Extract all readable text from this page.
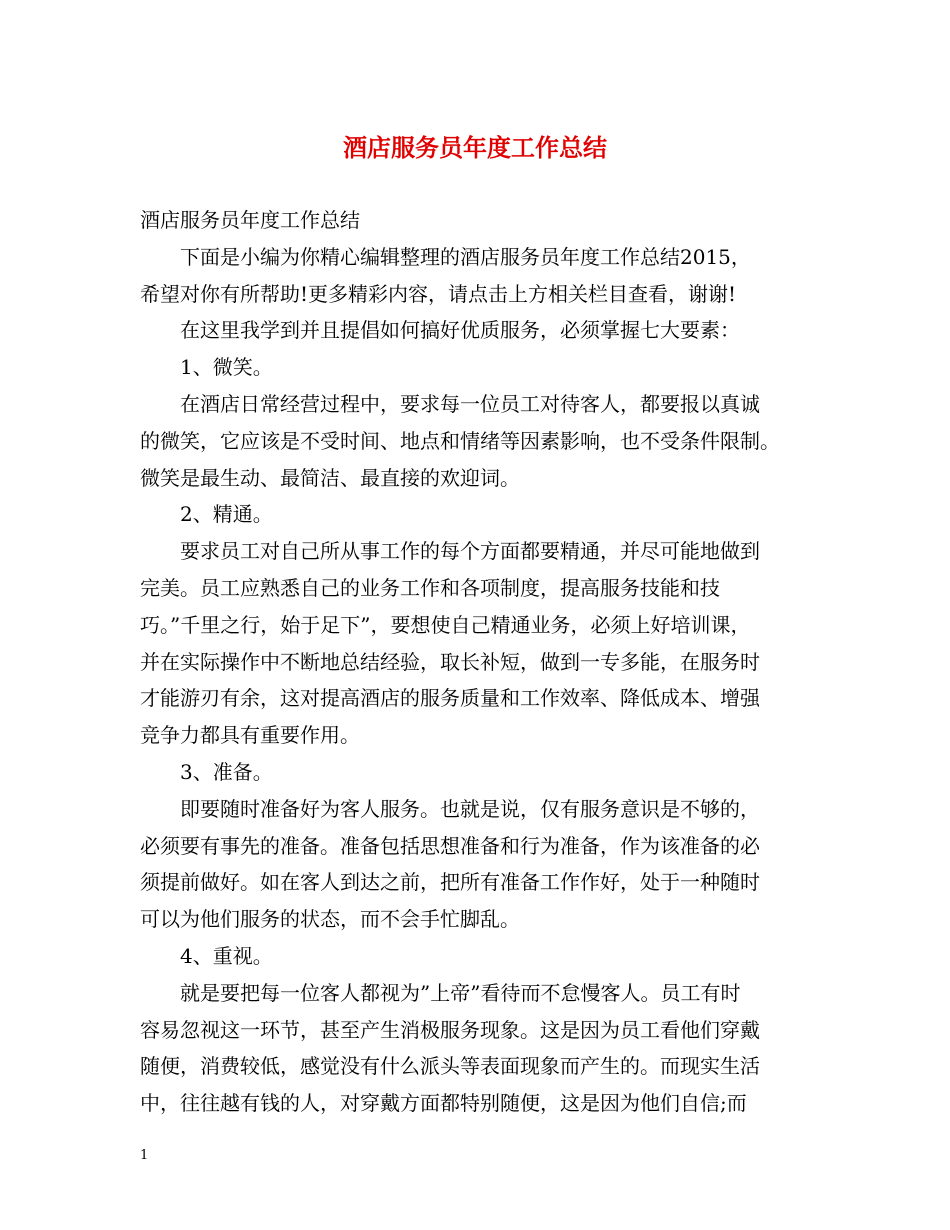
酒店服务员年度工作总结
酒店服务员年度工作总结
下面是小编为你精心编辑整理的酒店服务员年度工作总结2015，
希望对你有所帮助!更多精彩内容，请点击上方相关栏目查看，谢谢!
在这里我学到并且提倡如何搞好优质服务，必须掌握七大要素：
1、微笑。
在酒店日常经营过程中，要求每一位员工对待客人，都要报以真诚
的微笑，它应该是不受时间、地点和情绪等因素影响，也不受条件限制。
微笑是最生动、最简洁、最直接的欢迎词。
2、精通。
要求员工对自己所从事工作的每个方面都要精通，并尽可能地做到
完美。员工应熟悉自己的业务工作和各项制度，提高服务技能和技
巧。”千里之行，始于足下”，要想使自己精通业务，必须上好培训课，
并在实际操作中不断地总结经验，取长补短，做到一专多能，在服务时
才能游刃有余，这对提高酒店的服务质量和工作效率、降低成本、增强
竞争力都具有重要作用。
3、准备。
即要随时准备好为客人服务。也就是说，仅有服务意识是不够的，
必须要有事先的准备。准备包括思想准备和行为准备，作为该准备的必
须提前做好。如在客人到达之前，把所有准备工作作好，处于一种随时
可以为他们服务的状态，而不会手忙脚乱。
4、重视。
就是要把每一位客人都视为”上帝”看待而不怠慢客人。员工有时
容易忽视这一环节，甚至产生消极服务现象。这是因为员工看他们穿戴
随便，消费较低，感觉没有什么派头等表面现象而产生的。而现实生活
中，往往越有钱的人，对穿戴方面都特别随便，这是因为他们自信;而
1
